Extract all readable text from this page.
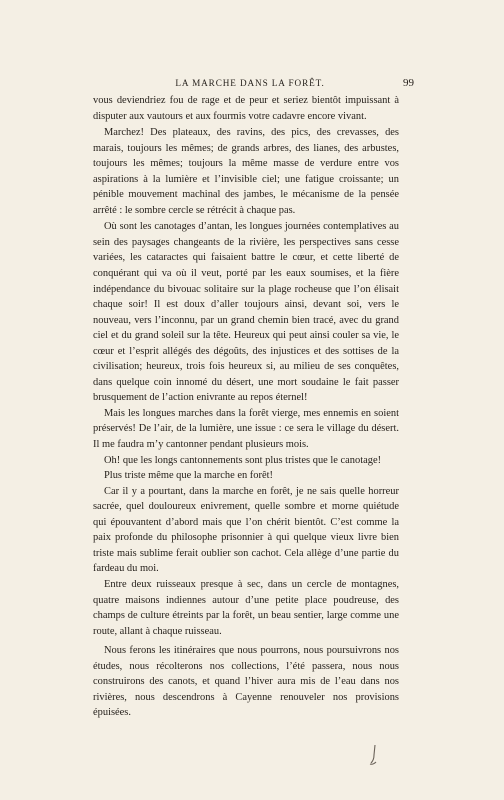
LA MARCHE DANS LA FORÊT.	99

vous deviendriez fou de rage et de peur et seriez bientôt impuissant à disputer aux vautours et aux fourmis votre cadavre encore vivant.

Marchez! Des plateaux, des ravins, des pics, des crevasses, des marais, toujours les mêmes; de grands arbres, des lianes, des arbustes, toujours les mêmes; toujours la même masse de verdure entre vos aspirations à la lumière et l’invisible ciel; une fatigue croissante; un pénible mouvement machinal des jambes, le mécanisme de la pensée arrêté : le sombre cercle se rétrécit à chaque pas.

Où sont les canotages d’antan, les longues journées contemplatives au sein des paysages changeants de la rivière, les perspectives sans cesse variées, les cataractes qui faisaient battre le cœur, et cette liberté de conquérant qui va où il veut, porté par les eaux soumises, et la fière indépendance du bivouac solitaire sur la plage rocheuse que l’on élisait chaque soir! Il est doux d’aller toujours ainsi, devant soi, vers le nouveau, vers l’inconnu, par un grand chemin bien tracé, avec du grand ciel et du grand soleil sur la tête. Heureux qui peut ainsi couler sa vie, le cœur et l’esprit allégés des dégoûts, des injustices et des sottises de la civilisation; heureux, trois fois heureux si, au milieu de ses conquêtes, dans quelque coin innomé du désert, une mort soudaine le fait passer brusquement de l’action enivrante au repos éternel!

Mais les longues marches dans la forêt vierge, mes ennemis en soient préservés! De l’air, de la lumière, une issue : ce sera le village du désert. Il me faudra m’y cantonner pendant plusieurs mois.

Oh! que les longs cantonnements sont plus tristes que le canotage!

Plus triste même que la marche en forêt!

Car il y a pourtant, dans la marche en forêt, je ne sais quelle horreur sacrée, quel douloureux enivrement, quelle sombre et morne quiétude qui épouvantent d’abord mais que l’on chérit bientôt. C’est comme la paix profonde du philosophe prisonnier à qui quelque vieux livre bien triste mais sublime ferait oublier son cachot. Cela allège d’une partie du fardeau du moi.

Entre deux ruisseaux presque à sec, dans un cercle de montagnes, quatre maisons indiennes autour d’une petite place poudreuse, des champs de culture étreints par la forêt, un beau sentier, large comme une route, allant à chaque ruisseau.

Nous ferons les itinéraires que nous pourrons, nous poursuivrons nos études, nous récolterons nos collections, l’été passera, nous nous construirons des canots, et quand l’hiver aura mis de l’eau dans nos rivières, nous descendrons à Cayenne renouveler nos provisions épuisées.
